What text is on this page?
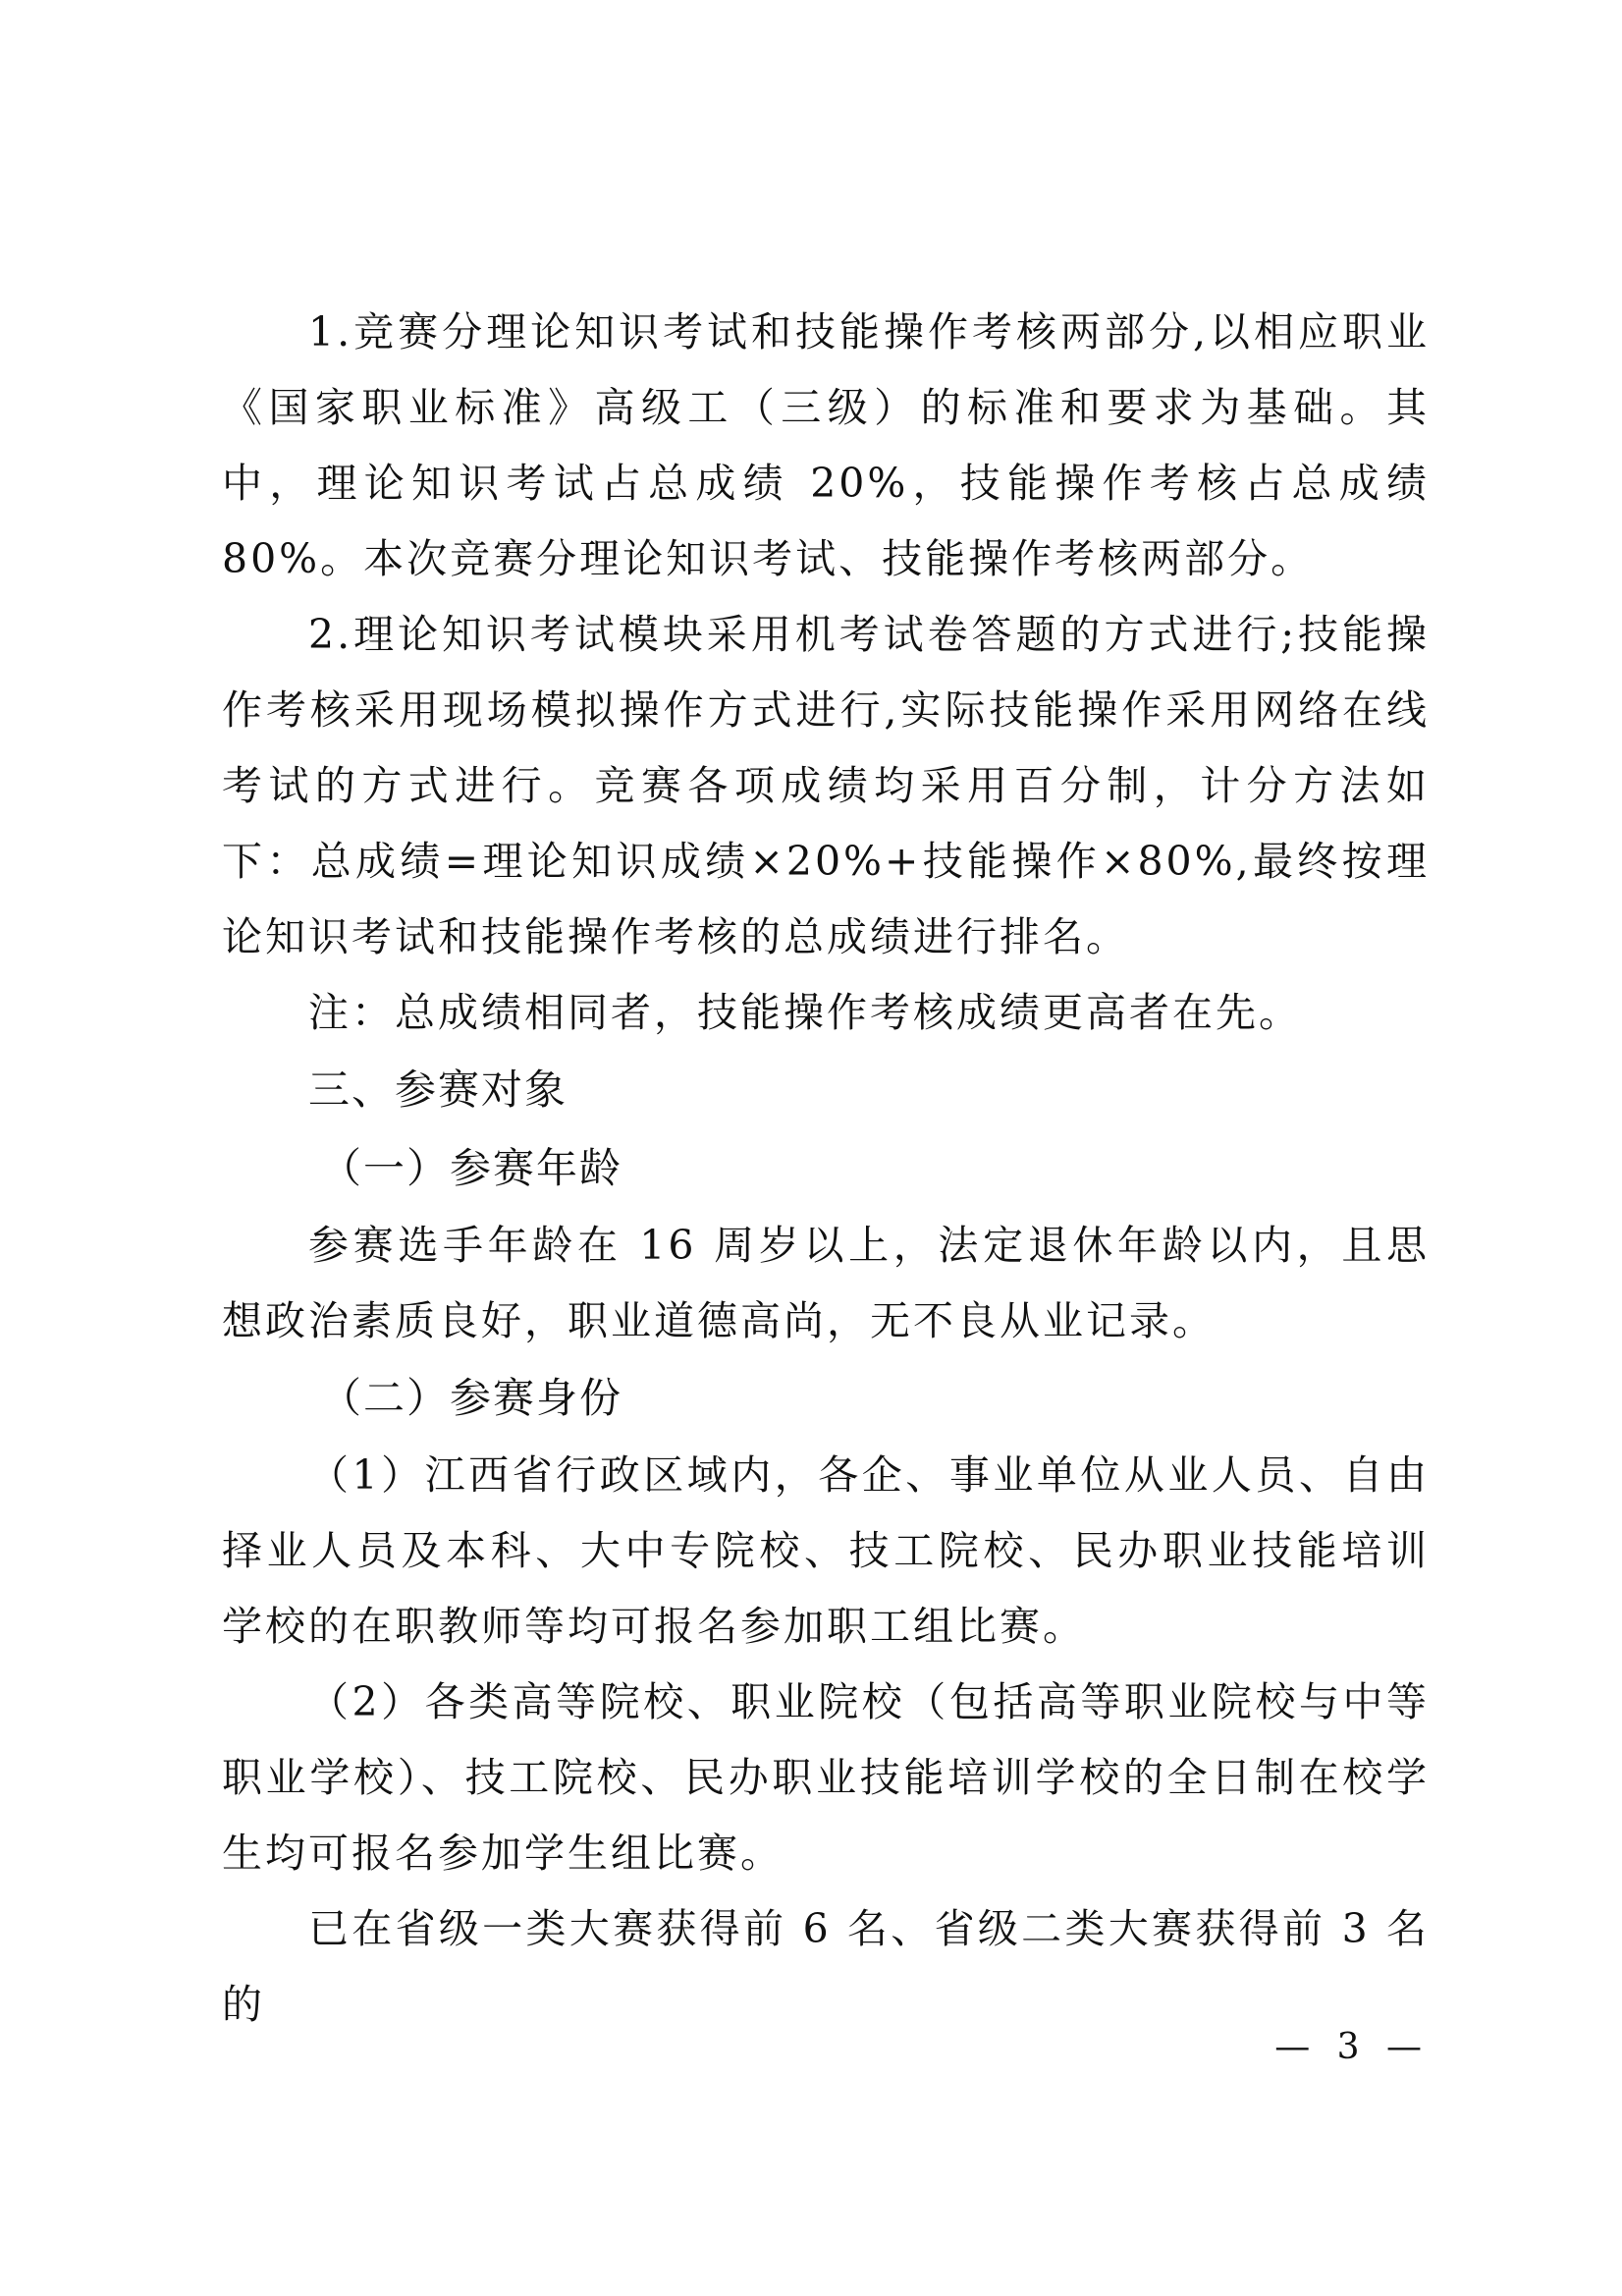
1.竞赛分理论知识考试和技能操作考核两部分,以相应职业《国家职业标准》高级工（三级）的标准和要求为基础。其中，理论知识考试占总成绩 20%，技能操作考核占总成绩 80%。本次竞赛分理论知识考试、技能操作考核两部分。

2.理论知识考试模块采用机考试卷答题的方式进行;技能操作考核采用现场模拟操作方式进行,实际技能操作采用网络在线考试的方式进行。竞赛各项成绩均采用百分制，计分方法如下：总成绩=理论知识成绩×20%+技能操作×80%,最终按理论知识考试和技能操作考核的总成绩进行排名。

注：总成绩相同者，技能操作考核成绩更高者在先。

三、参赛对象

（一）参赛年龄

参赛选手年龄在 16 周岁以上，法定退休年龄以内，且思想政治素质良好，职业道德高尚，无不良从业记录。

（二）参赛身份

（1）江西省行政区域内，各企、事业单位从业人员、自由择业人员及本科、大中专院校、技工院校、民办职业技能培训学校的在职教师等均可报名参加职工组比赛。

（2）各类高等院校、职业院校（包括高等职业院校与中等职业学校）、技工院校、民办职业技能培训学校的全日制在校学生均可报名参加学生组比赛。

已在省级一类大赛获得前 6 名、省级二类大赛获得前 3 名的

— 3 —
